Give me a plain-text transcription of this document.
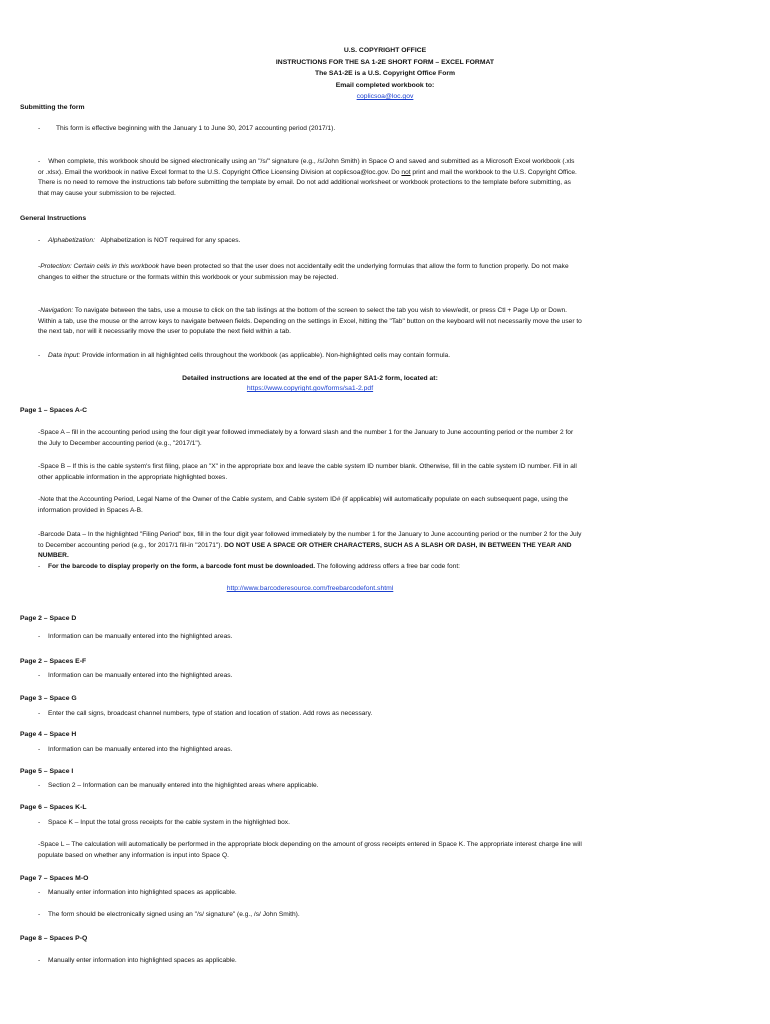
U.S. COPYRIGHT OFFICE
INSTRUCTIONS FOR THE SA 1-2E SHORT FORM – EXCEL FORMAT
The SA1-2E is a U.S. Copyright Office Form
Email completed workbook to:
coplicsoa@loc.gov
Submitting the form
- This form is effective beginning with the January 1 to June 30, 2017 accounting period (2017/1).
- When complete, this workbook should be signed electronically using an "/s/" signature (e.g., /s/John Smith) in Space O and saved and submitted as a Microsoft Excel workbook (.xls or .xlsx). Email the workbook in native Excel format to the U.S. Copyright Office Licensing Division at coplicsoa@loc.gov. Do not print and mail the workbook to the U.S. Copyright Office. There is no need to remove the instructions tab before submitting the template by email. Do not add additional worksheet or workbook protections to the template before submitting, as that may cause your submission to be rejected.
General Instructions
- Alphabetization: Alphabetization is NOT required for any spaces.
-Protection: Certain cells in this workbook have been protected so that the user does not accidentally edit the underlying formulas that allow the form to function properly. Do not make changes to either the structure or the formats within this workbook or your submission may be rejected.
-Navigation: To navigate between the tabs, use a mouse to click on the tab listings at the bottom of the screen to select the tab you wish to view/edit, or press Ctl + Page Up or Down. Within a tab, use the mouse or the arrow keys to navigate between fields. Depending on the settings in Excel, hitting the "Tab" button on the keyboard will not necessarily move the user to the next tab, nor will it necessarily move the user to populate the next field within a tab.
- Data Input: Provide information in all highlighted cells throughout the workbook (as applicable). Non-highlighted cells may contain formula.
Detailed instructions are located at the end of the paper SA1-2 form, located at:
https://www.copyright.gov/forms/sa1-2.pdf
Page 1 – Spaces A-C
-Space A – fill in the accounting period using the four digit year followed immediately by a forward slash and the number 1 for the January to June accounting period or the number 2 for the July to December accounting period (e.g., "2017/1").
-Space B – If this is the cable system's first filing, place an "X" in the appropriate box and leave the cable system ID number blank. Otherwise, fill in the cable system ID number. Fill in all other applicable information in the appropriate highlighted boxes.
-Note that the Accounting Period, Legal Name of the Owner of the Cable system, and Cable system ID# (if applicable) will automatically populate on each subsequent page, using the information provided in Spaces A-B.
-Barcode Data – In the highlighted "Filing Period" box, fill in the four digit year followed immediately by the number 1 for the January to June accounting period or the number 2 for the July to December accounting period (e.g., for 2017/1 fill-in "20171"). DO NOT USE A SPACE OR OTHER CHARACTERS, SUCH AS A SLASH OR DASH, IN BETWEEN THE YEAR AND NUMBER.
- For the barcode to display properly on the form, a barcode font must be downloaded. The following address offers a free bar code font:
http://www.barcoderesource.com/freebarcodefont.shtml
Page 2 – Space D
- Information can be manually entered into the highlighted areas.
Page 2 – Spaces E-F
- Information can be manually entered into the highlighted areas.
Page 3 – Space G
- Enter the call signs, broadcast channel numbers, type of station and location of station. Add rows as necessary.
Page 4 – Space H
- Information can be manually entered into the highlighted areas.
Page 5 – Space I
- Section 2 – Information can be manually entered into the highlighted areas where applicable.
Page 6 – Spaces K-L
- Space K – Input the total gross receipts for the cable system in the highlighted box.
-Space L – The calculation will automatically be performed in the appropriate block depending on the amount of gross receipts entered in Space K. The appropriate interest charge line will populate based on whether any information is input into Space Q.
Page 7 – Spaces M-O
- Manually enter information into highlighted spaces as applicable.
- The form should be electronically signed using an "/s/ signature" (e.g., /s/ John Smith).
Page 8 – Spaces P-Q
- Manually enter information into highlighted spaces as applicable.
